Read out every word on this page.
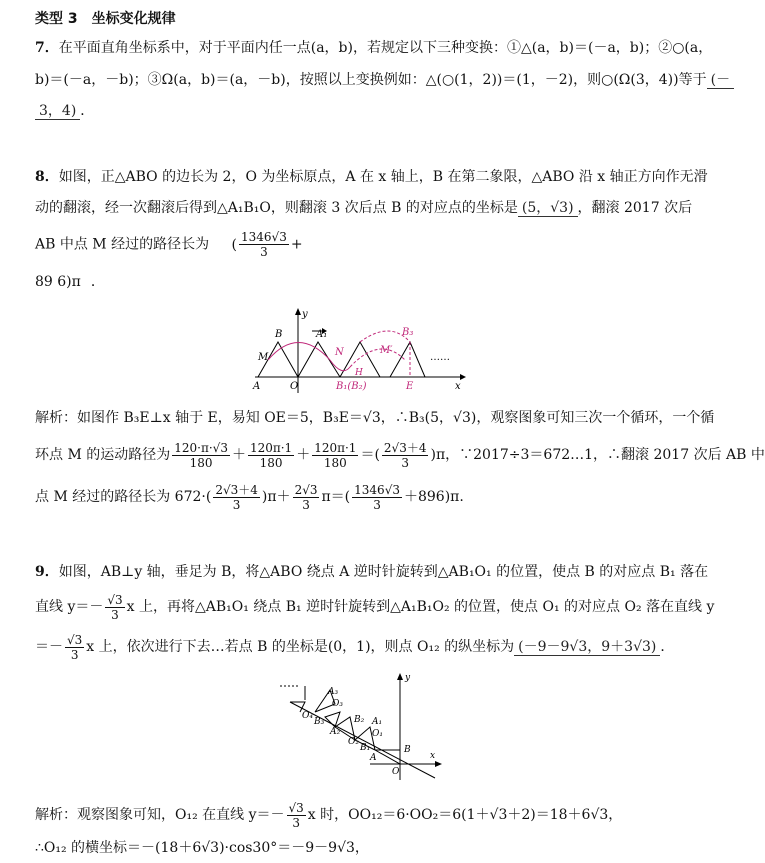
类型 3　坐标变化规律
7．在平面直角坐标系中，对于平面内任一点(a，b)，若规定以下三种变换：①△(a，b)＝(－a，b)；②○(a，
b)＝(－a，－b)；③Ω(a，b)＝(a，－b)，按照以上变换例如：△(○(1，2))＝(1，－2)，则○(Ω(3，4))等于 (－
3，4) ．
8．如图，正△ABO 的边长为 2，O 为坐标原点，A 在 x 轴上，B 在第二象限，△ABO 沿 x 轴正方向作无滑
动的翻滚，经一次翻滚后得到△A₁B₁O，则翻滚 3 次后点 B 的对应点的坐标是 (5，√3) ，翻滚 2017 次后
AB 中点 M 经过的路径长为 ( $\frac{1346√3}{3}$ +
89 6)π ．
A	O
B	A₁
M	N
B₁(B₂)
H
M′
B₃
E	x
y
……
解析：如图作 B₃E⊥x 轴于 E，易知 OE＝5，B₃E＝√3，∴B₃(5，√3)，观察图象可知三次一个循环，一个循
环点 M 的运动路径为 $\frac{120\cdot\pi\cdot√3}{180} + \frac{120\pi\cdot 1}{180} + \frac{120\pi\cdot 1}{180}$ ＝( $\frac{2√3+4}{3} )\pi$，∵2017÷3＝672…1，∴翻滚 2017 次后 AB 中
点 M 经过的路径长为 $672\cdot( \frac{2√3+4}{3} )\pi+ \frac{2√3}{3} \pi=( \frac{1346√3}{3} +896)\pi$.
9．如图，AB⊥y 轴，垂足为 B，将△ABO 绕点 A 逆时针旋转到△AB₁O₁ 的位置，使点 B 的对应点 B₁ 落在
直线 $y=- \frac{√3}{3}$ x 上，再将△AB₁O₁ 绕点 B₁ 逆时针旋转到△A₁B₁O₂ 的位置，使点 O₁ 的对应点 O₂ 落在直线 y
＝－ $\frac{√3}{3}$ x 上，依次进行下去…若点 B 的坐标是(0，1)，则点 O₁₂ 的纵坐标为 (－9－9√3，9＋3√3) ．
A₃
O₃
O₄
B₃
A₂
B₂ A₁
O₁
O₂
B₁	B
A
O
y
x
解析：观察图象可知，O₁₂ 在直线 $y=- \frac{√3}{3}$ x 时，OO₁₂＝6·OO₂＝6(1＋√3＋2)＝18＋6√3，
∴O₁₂ 的横坐标＝－(18＋6√3)·cos30°＝－9－9√3，
